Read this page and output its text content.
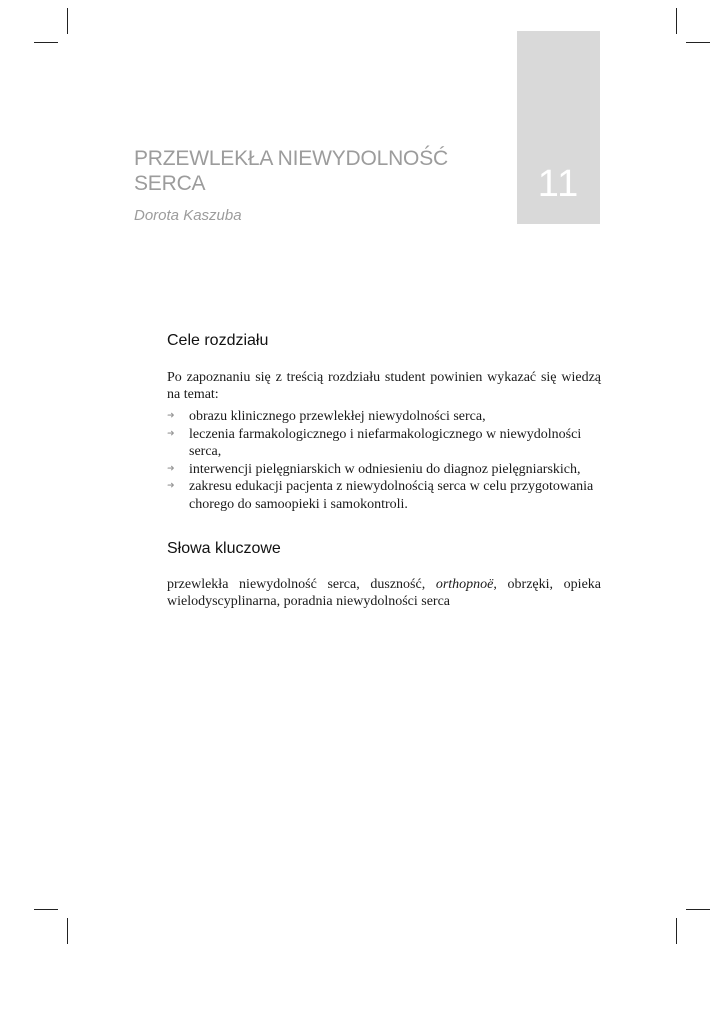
11
PRZEWLEKŁA NIEWYDOLNOŚĆ
SERCA
Dorota Kaszuba
Cele rozdziału

Po zapoznaniu się z treścią rozdziału student powinien wykazać się wiedzą na temat:

➜ obrazu klinicznego przewlekłej niewydolności serca,
➜ leczenia farmakologicznego i niefarmakologicznego w niewydolności serca,
➜ interwencji pielęgniarskich w odniesieniu do diagnoz pielęgniarskich,
➜ zakresu edukacji pacjenta z niewydolnością serca w celu przygotowania chorego do samoopieki i samokontroli.
Słowa kluczowe

przewlekła niewydolność serca, duszność, orthopnoë, obrzęki, opieka wielodyscyplinarna, poradnia niewydolności serca
